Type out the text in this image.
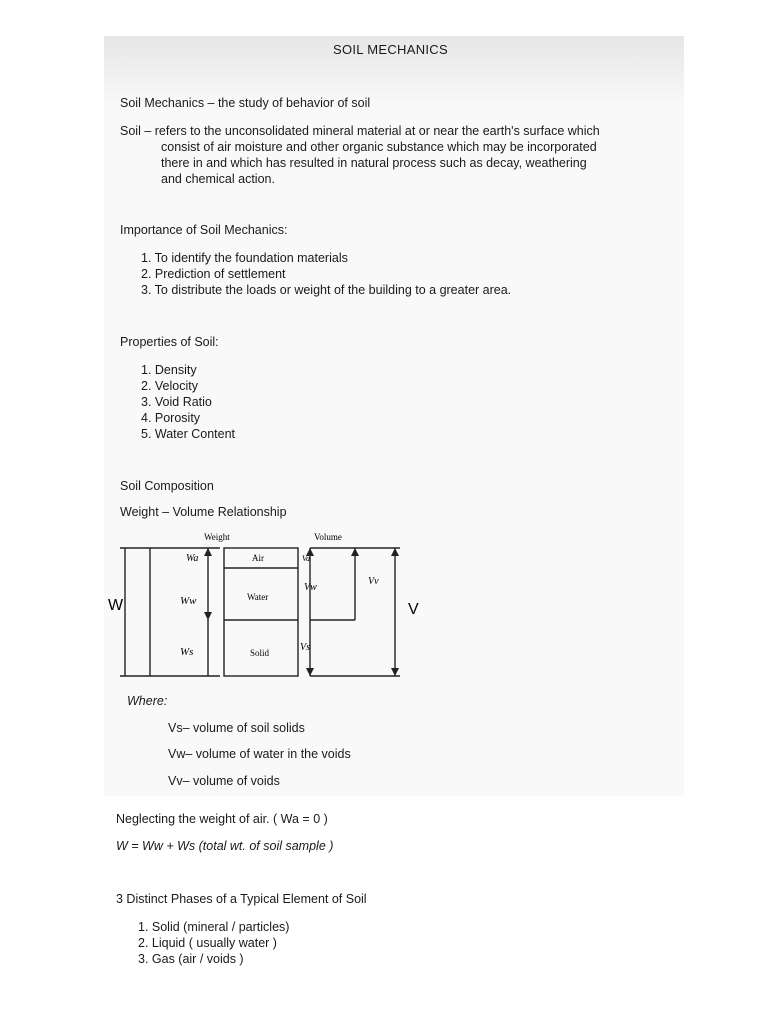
SOIL MECHANICS
Soil Mechanics – the study of behavior of soil
Soil – refers to the unconsolidated mineral material at or near the earth's surface which
consist of air moisture and other organic substance which may be incorporated
there in and which has resulted in natural process such as decay, weathering
and chemical action.
Importance of Soil Mechanics:
1. To identify the foundation materials
2. Prediction of settlement
3. To distribute the loads or weight of the building to a greater area.
Properties of Soil:
1. Density
2. Velocity
3. Void Ratio
4. Porosity
5. Water Content
Soil Composition
Weight – Volume Relationship
Weight	Volume
W	V
Wa
Ww
Ws
Air
Water
Solid
Va
Vw
Vs
Vv
Where:
Vs– volume of soil solids
Vw– volume of water in the voids
Vv– volume of voids
Neglecting the weight of air. ( Wa = 0 )
W = Ww + Ws (total wt. of soil sample )
3 Distinct Phases of a Typical Element of Soil
1. Solid (mineral / particles)
2. Liquid ( usually water )
3. Gas (air / voids )
